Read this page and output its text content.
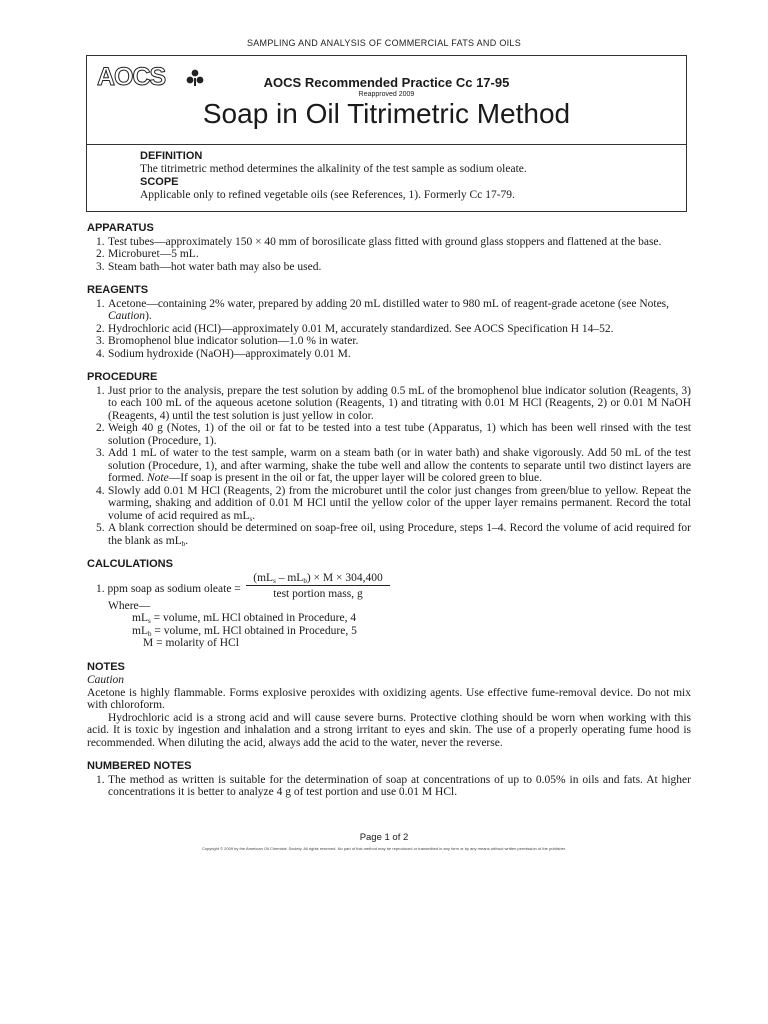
SAMPLING AND ANALYSIS OF COMMERCIAL FATS AND OILS
AOCS	AOCS Recommended Practice Cc 17-95
Reapproved 2009
Soap in Oil Titrimetric Method
DEFINITION
The titrimetric method determines the alkalinity of the test sample as sodium oleate.
SCOPE
Applicable only to refined vegetable oils (see References, 1). Formerly Cc 17-79.
APPARATUS
1. Test tubes—approximately 150 × 40 mm of borosilicate glass fitted with ground glass stoppers and flattened at the base.
2. Microburet—5 mL.
3. Steam bath—hot water bath may also be used.
REAGENTS
1. Acetone—containing 2% water, prepared by adding 20 mL distilled water to 980 mL of reagent-grade acetone (see Notes,
Caution).
2. Hydrochloric acid (HCl)—approximately 0.01 M, accurately standardized. See AOCS Specification H 14–52.
3. Bromophenol blue indicator solution—1.0 % in water.
4. Sodium hydroxide (NaOH)—approximately 0.01 M.
PROCEDURE
1. Just prior to the analysis, prepare the test solution by adding 0.5 mL of the bromophenol blue indicator solution (Reagents, 3) to each 100 mL of the aqueous acetone solution (Reagents, 1) and titrating with 0.01 M HCl (Reagents, 2) or 0.01 M NaOH (Reagents, 4) until the test solution is just yellow in color.
2. Weigh 40 g (Notes, 1) of the oil or fat to be tested into a test tube (Apparatus, 1) which has been well rinsed with the test solution (Procedure, 1).
3. Add 1 mL of water to the test sample, warm on a steam bath (or in water bath) and shake vigorously. Add 50 mL of the test solution (Procedure, 1), and after warming, shake the tube well and allow the contents to separate until two distinct layers are formed. Note—If soap is present in the oil or fat, the upper layer will be colored green to blue.
4. Slowly add 0.01 M HCl (Reagents, 2) from the microburet until the color just changes from green/blue to yellow. Repeat the warming, shaking and addition of 0.01 M HCl until the yellow color of the upper layer remains permanent. Record the total volume of acid required as $mL_s$.
5. A blank correction should be determined on soap-free oil, using Procedure, steps 1–4. Record the volume of acid required for the blank as $mL_b$.
CALCULATIONS
1. ppm soap as sodium oleate =
$(mL_s - mL_b) \times M \times 304,400$
test portion mass, g
Where—
$mL_s$ = volume, mL HCl obtained in Procedure, 4
$mL_b$ = volume, mL HCl obtained in Procedure, 5
M = molarity of HCl
NOTES
Caution
Acetone is highly flammable. Forms explosive peroxides with oxidizing agents. Use effective fume-removal device. Do not mix with chloroform.
Hydrochloric acid is a strong acid and will cause severe burns. Protective clothing should be worn when working with this acid. It is toxic by ingestion and inhalation and a strong irritant to eyes and skin. The use of a properly operating fume hood is recommended. When diluting the acid, always add the acid to the water, never the reverse.
NUMBERED NOTES
1. The method as written is suitable for the determination of soap at concentrations of up to 0.05% in oils and fats. At higher concentrations it is better to analyze 4 g of test portion and use 0.01 M HCl.
Page 1 of 2
Copyright © 2009 by the American Oil Chemists' Society. All rights reserved. No part of this method may be reproduced or transmitted in any form or by any means without written permission of the publisher.
